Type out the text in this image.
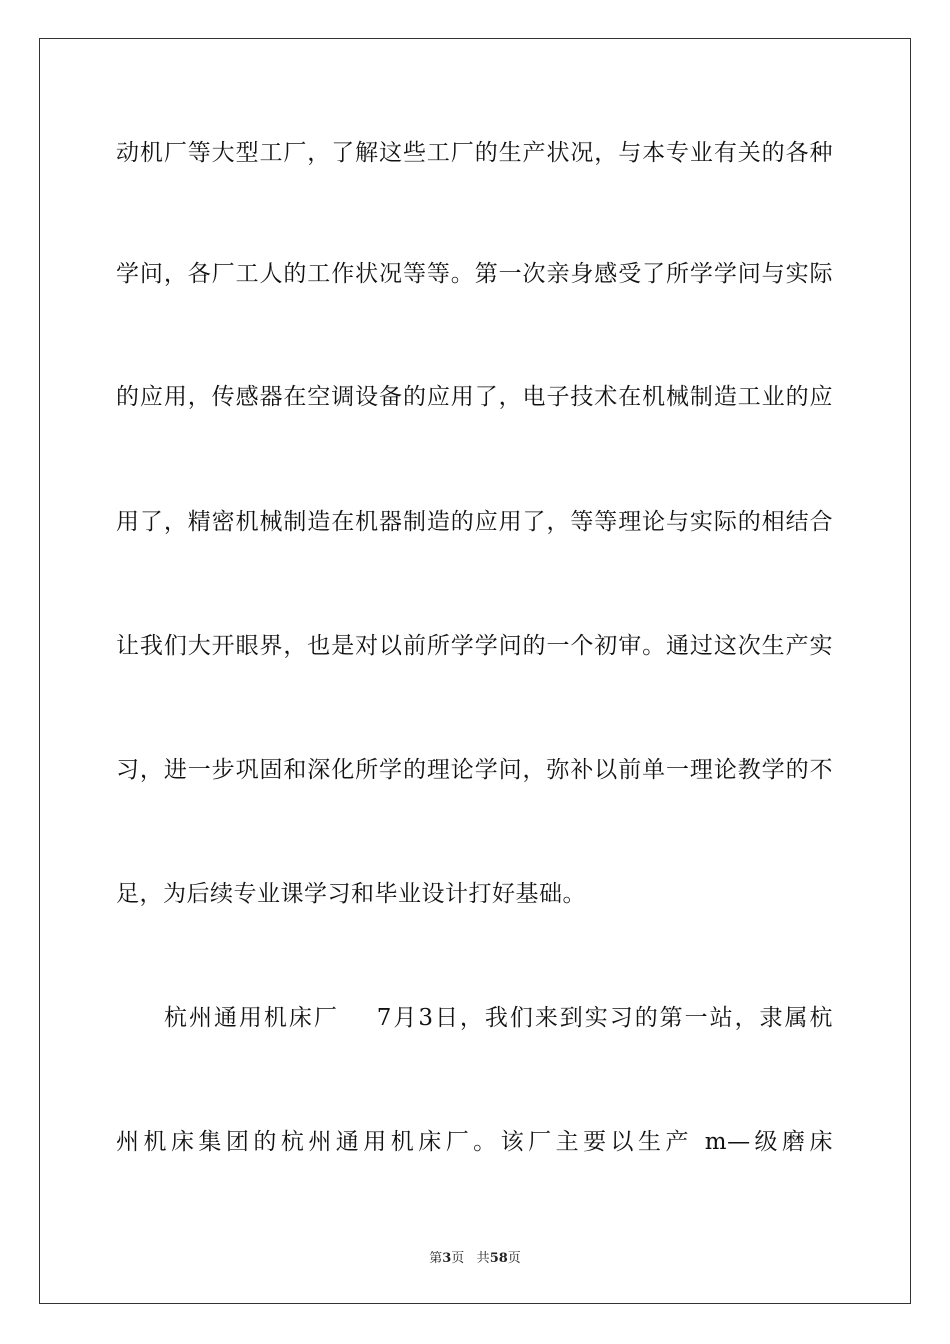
动机厂等大型工厂，了解这些工厂的生产状况，与本专业有关的各种
学问，各厂工人的工作状况等等。第一次亲身感受了所学学问与实际
的应用，传感器在空调设备的应用了，电子技术在机械制造工业的应
用了，精密机械制造在机器制造的应用了，等等理论与实际的相结合
让我们大开眼界，也是对以前所学学问的一个初审。通过这次生产实
习，进一步巩固和深化所学的理论学问，弥补以前单一理论教学的不
足，为后续专业课学习和毕业设计打好基础。
杭州通用机床厂 7月3日，我们来到实习的第一站，隶属杭
州机床集团的杭州通用机床厂。该厂主要以生产 m—级磨床
第3页 共58页
